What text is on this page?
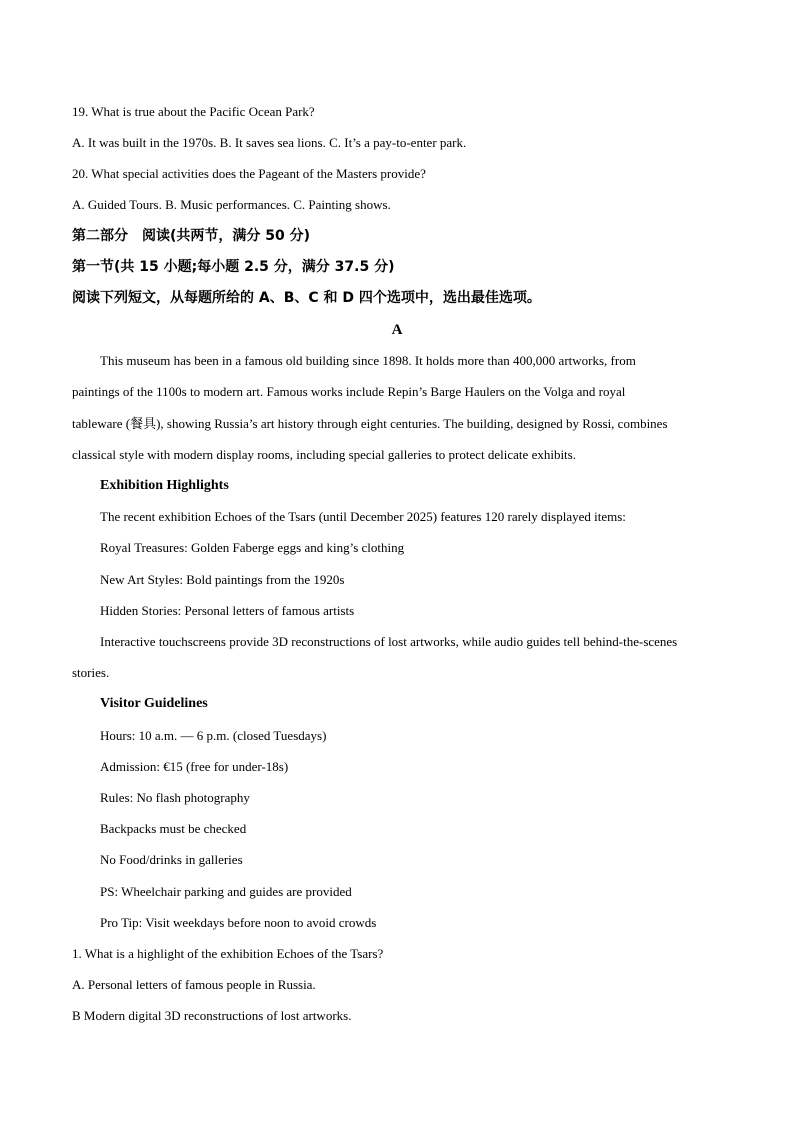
19. What is true about the Pacific Ocean Park?
A. It was built in the 1970s. B. It saves sea lions. C. It’s a pay-to-enter park.
20. What special activities does the Pageant of the Masters provide?
A. Guided Tours. B. Music performances. C. Painting shows.
第二部分　阅读(共两节，满分 50 分)
第一节(共 15 小题;每小题 2.5 分，满分 37.5 分)
阅读下列短文，从每题所给的 A、B、C 和 D 四个选项中，选出最佳选项。
A
This museum has been in a famous old building since 1898. It holds more than 400,000 artworks, from
paintings of the 1100s to modern art. Famous works include Repin’s Barge Haulers on the Volga and royal
tableware (餐具), showing Russia’s art history through eight centuries. The building, designed by Rossi, combines
classical style with modern display rooms, including special galleries to protect delicate exhibits.
Exhibition Highlights
The recent exhibition Echoes of the Tsars (until December 2025) features 120 rarely displayed items:
Royal Treasures: Golden Faberge eggs and king’s clothing
New Art Styles: Bold paintings from the 1920s
Hidden Stories: Personal letters of famous artists
Interactive touchscreens provide 3D reconstructions of lost artworks, while audio guides tell behind-the-scenes
stories.
Visitor Guidelines
Hours: 10 a.m. — 6 p.m. (closed Tuesdays)
Admission: €15 (free for under-18s)
Rules: No flash photography
Backpacks must be checked
No Food/drinks in galleries
PS: Wheelchair parking and guides are provided
Pro Tip: Visit weekdays before noon to avoid crowds
1. What is a highlight of the exhibition Echoes of the Tsars?
A. Personal letters of famous people in Russia.
B Modern digital 3D reconstructions of lost artworks.
